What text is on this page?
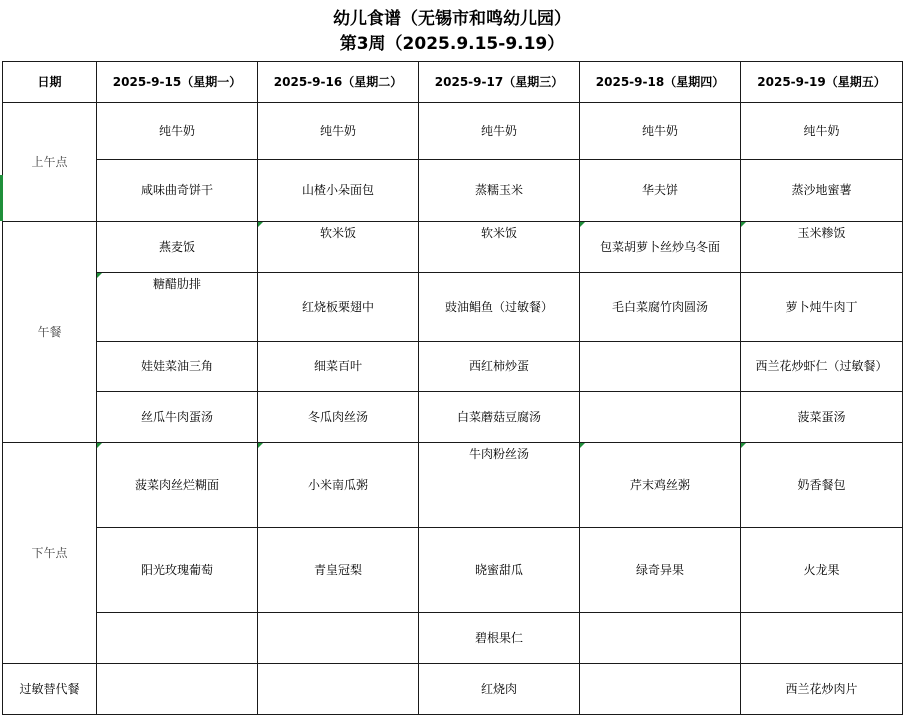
幼儿食谱（无锡市和鸣幼儿园）
第3周（2025.9.15-9.19）
日期	2025-9-15（星期一）	2025-9-16（星期二）	2025-9-17（星期三）	2025-9-18（星期四）	2025-9-19（星期五）
上午点	纯牛奶	纯牛奶	纯牛奶	纯牛奶	纯牛奶
	咸味曲奇饼干	山楂小朵面包	蒸糯玉米	华夫饼	蒸沙地蜜薯
午餐	燕麦饭	软米饭	软米饭	包菜胡萝卜丝炒乌冬面	玉米糁饭
	糖醋肋排	红烧板栗翅中	豉油鲳鱼（过敏餐）	毛白菜腐竹肉圆汤	萝卜炖牛肉丁
	娃娃菜油三角	细菜百叶	西红柿炒蛋		西兰花炒虾仁（过敏餐）
	丝瓜牛肉蛋汤	冬瓜肉丝汤	白菜蘑菇豆腐汤		菠菜蛋汤
下午点	菠菜肉丝烂糊面	小米南瓜粥	牛肉粉丝汤	芹末鸡丝粥	奶香餐包
	阳光玫瑰葡萄	青皇冠梨	晓蜜甜瓜	绿奇异果	火龙果
			碧根果仁		
过敏替代餐			红烧肉		西兰花炒肉片
